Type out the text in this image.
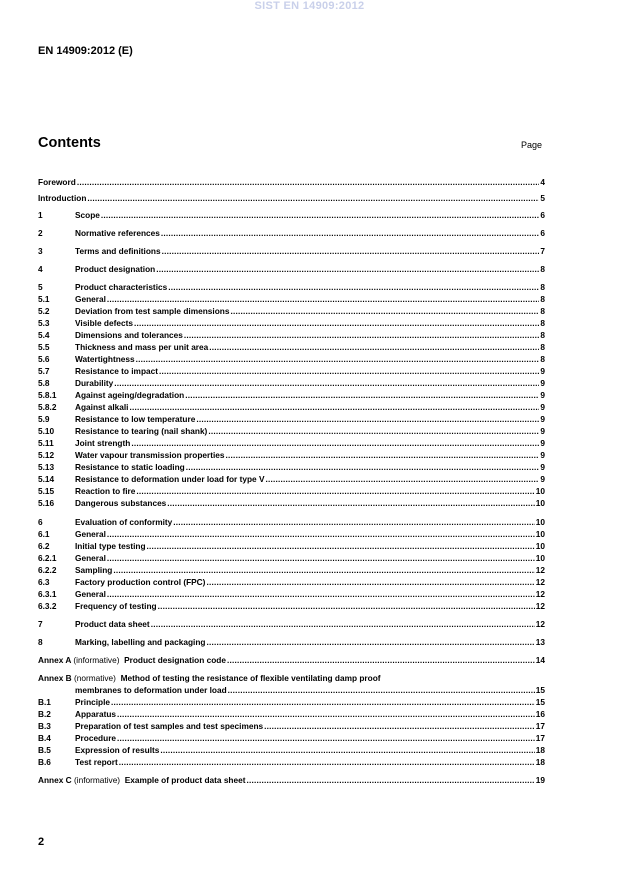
SIST EN 14909:2012
EN 14909:2012 (E)
Contents	Page
Foreword .....	4
Introduction .....	5
1	Scope .....	6
2	Normative references .....	6
3	Terms and definitions .....	7
4	Product designation .....	8
5	Product characteristics .....	8
5.1	General .....	8
5.2	Deviation from test sample dimensions .....	8
5.3	Visible defects .....	8
5.4	Dimensions and tolerances .....	8
5.5	Thickness and mass per unit area .....	8
5.6	Watertightness .....	8
5.7	Resistance to impact .....	9
5.8	Durability .....	9
5.8.1 Against ageing/degradation .....	9
5.8.2 Against alkali .....	9
5.9	Resistance to low temperature .....	9
5.10	Resistance to tearing (nail shank) .....	9
5.11	Joint strength .....	9
5.12	Water vapour transmission properties .....	9
5.13	Resistance to static loading .....	9
5.14	Resistance to deformation under load for type V .....	9
5.15	Reaction to fire .....	10
5.16	Dangerous substances .....	10
6	Evaluation of conformity .....	10
6.1	General .....	10
6.2	Initial type testing .....	10
6.2.1 General .....	10
6.2.2 Sampling .....	12
6.3	Factory production control (FPC) .....	12
6.3.1 General .....	12
6.3.2 Frequency of testing .....	12
7	Product data sheet .....	12
8	Marking, labelling and packaging .....	13
Annex A (informative) Product designation code .....	14
Annex B (normative) Method of testing the resistance of flexible ventilating damp proof
membranes to deformation under load .....	15
B.1	Principle .....	15
B.2	Apparatus .....	16
B.3	Preparation of test samples and test specimens .....	17
B.4	Procedure .....	17
B.5	Expression of results .....	18
B.6	Test report .....	18
Annex C (informative) Example of product data sheet .....	19
2
